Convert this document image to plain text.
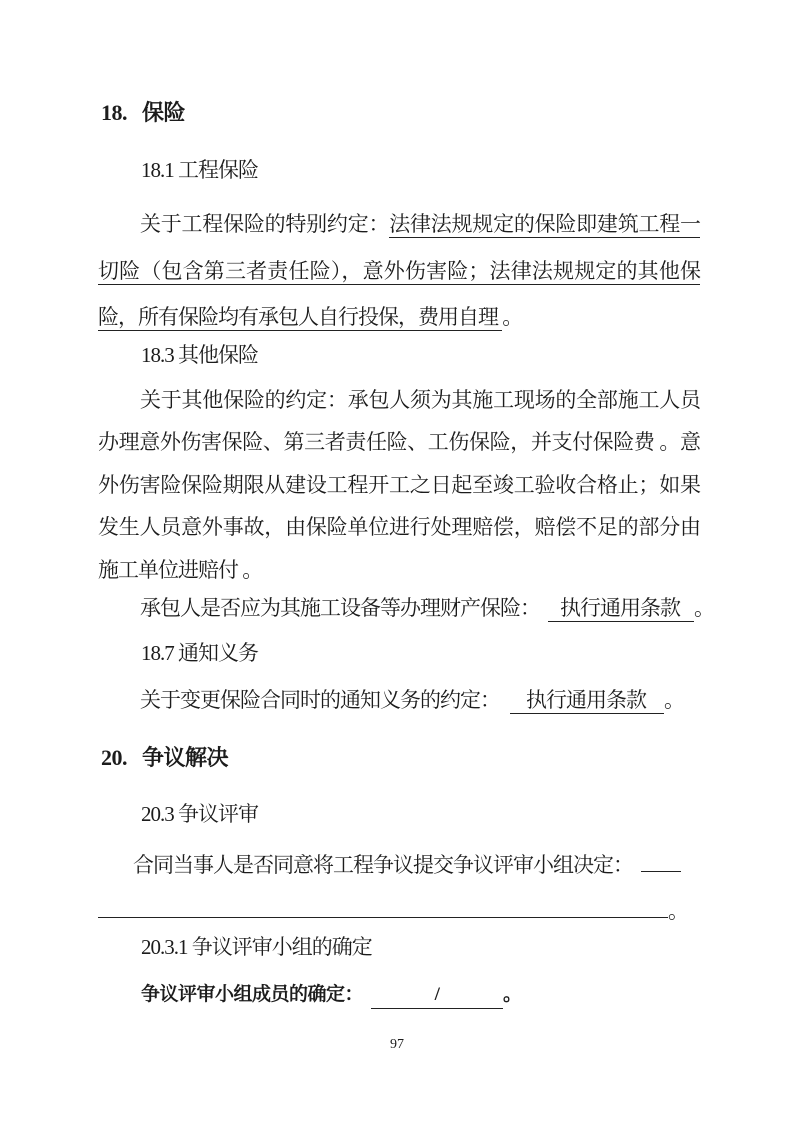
18. 保险
18.1 工程保险
关于工程保险的特别约定：法律法规规定的保险即建筑工程一
切险（包含第三者责任险），意外伤害险；法律法规规定的其他保
险，所有保险均有承包人自行投保，费用自理 。
18.3 其他保险
关于其他保险的约定：承包人须为其施工现场的全部施工人员
办理意外伤害保险、第三者责任险、工伤保险，并支付保险费 。意
外伤害险保险期限从建设工程开工之日起至竣工验收合格止；如果
发生人员意外事故，由保险单位进行处理赔偿，赔偿不足的部分由
施工单位进赔付 。
承包人是否应为其施工设备等办理财产保险： 执行通用条款 。
18.7 通知义务
关于变更保险合同时的通知义务的约定： 执行通用条款 。
20. 争议解决
20.3 争议评审
合同当事人是否同意将工程争议提交争议评审小组决定：
。
20.3.1 争议评审小组的确定
争议评审小组成员的确定：	/	。
97
